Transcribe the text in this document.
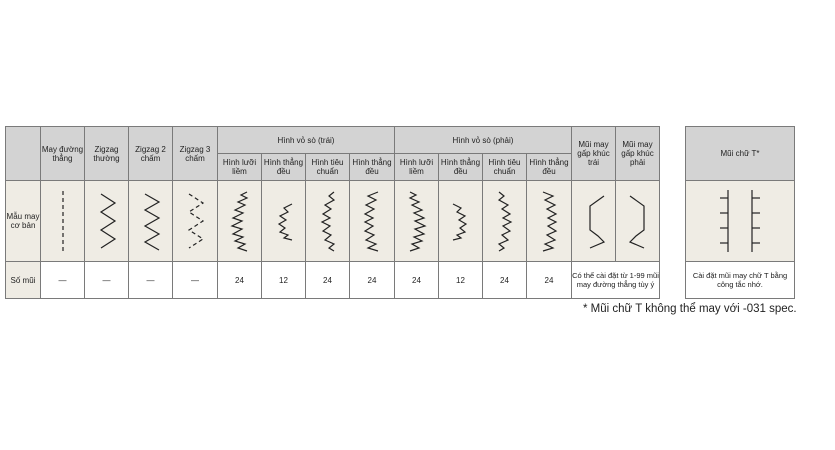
	May đường thẳng	Zigzag thường	Zigzag 2 chấm	Zigzag 3 chấm	Hình vỏ sò (trái)				Hình vỏ sò (phải)				Mũi may gấp khúc trái	Mũi may gấp khúc phải
					Hình lưỡi liềm	Hình thẳng đều	Hình tiêu chuẩn	Hình thẳng đều	Hình lưỡi liềm	Hình thẳng đều	Hình tiêu chuẩn	Hình thẳng đều		
Mẫu may cơ bản	

Số mũi	—	—	—	—	24	12	24	24	24	12	24	24	Có thể cài đặt từ 1-99 mũi may đường thẳng tùy ý	
Mũi chữ T*

Cài đặt mũi may chữ T bằng công tắc nhớ.
* Mũi chữ T không thể may với -031 spec.
